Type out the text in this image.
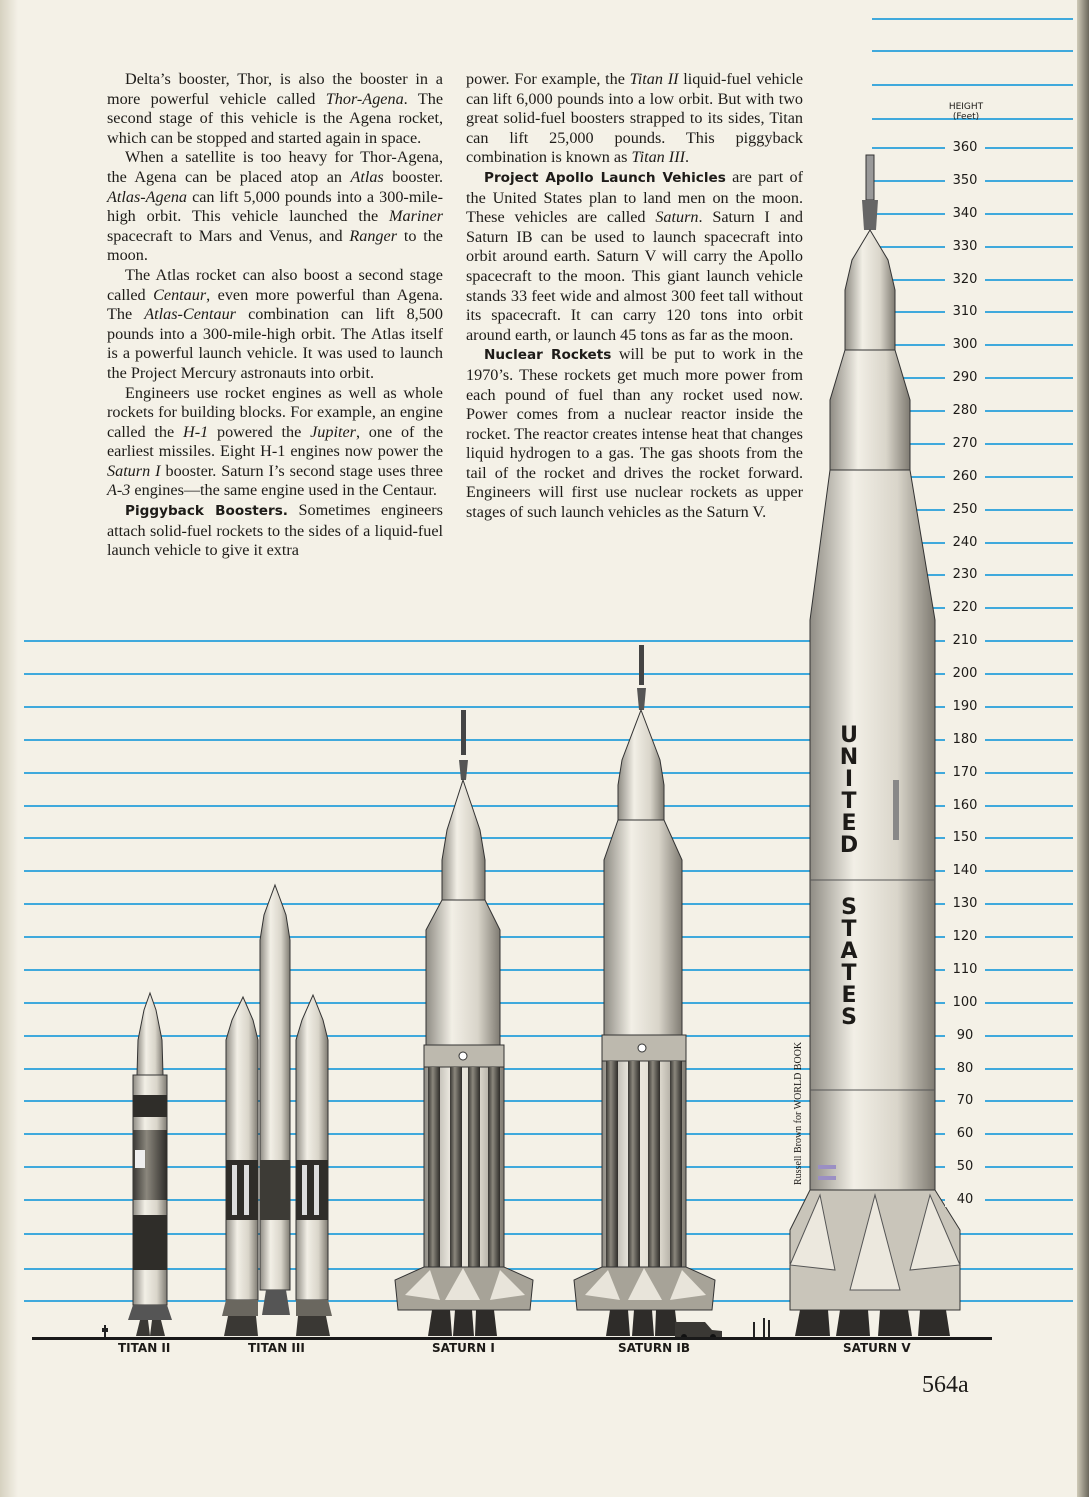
HEIGHT
(Feet)
360
350
340
330
320
310
300
290
280
270
260
250
240
230
220
210
200
190
180
170
160
150
140
130
120
110
100
90
80
70
60
50
40
U
N
I
T
E
D
S
T
A
T
E
S

Delta’s booster, Thor, is also the booster in a more powerful vehicle called Thor-Agena. The second stage of this vehicle is the Agena rocket, which can be stopped and started again in space.

When a satellite is too heavy for Thor-Agena, the Agena can be placed atop an Atlas booster. Atlas-Agena can lift 5,000 pounds into a 300-mile-high orbit. This vehicle launched the Mariner spacecraft to Mars and Venus, and Ranger to the moon.

The Atlas rocket can also boost a second stage called Centaur, even more powerful than Agena. The Atlas-Centaur combination can lift 8,500 pounds into a 300-mile-high orbit. The Atlas itself is a powerful launch vehicle. It was used to launch the Project Mercury astronauts into orbit.

Engineers use rocket engines as well as whole rockets for building blocks. For example, an engine called the H-1 powered the Jupiter, one of the earliest missiles. Eight H-1 engines now power the Saturn I booster. Saturn I’s second stage uses three A-3 engines—the same engine used in the Centaur.

Piggyback Boosters. Sometimes engineers attach solid-fuel rockets to the sides of a liquid-fuel launch vehicle to give it extra

power. For example, the Titan II liquid-fuel vehicle can lift 6,000 pounds into a low orbit. But with two great solid-fuel boosters strapped to its sides, Titan can lift 25,000 pounds. This piggyback combination is known as Titan III.

Project Apollo Launch Vehicles are part of the United States plan to land men on the moon. These vehicles are called Saturn. Saturn I and Saturn IB can be used to launch spacecraft into orbit around earth. Saturn V will carry the Apollo spacecraft to the moon. This giant launch vehicle stands 33 feet wide and almost 300 feet tall without its spacecraft. It can carry 120 tons into orbit around earth, or launch 45 tons as far as the moon.

Nuclear Rockets will be put to work in the 1970’s. These rockets get much more power from each pound of fuel than any rocket used now. Power comes from a nuclear reactor inside the rocket. The reactor creates intense heat that changes liquid hydrogen to a gas. The gas shoots from the tail of the rocket and drives the rocket forward. Engineers will first use nuclear rockets as upper stages of such launch vehicles as the Saturn V.

TITAN II	TITAN III	SATURN I	SATURN IB	SATURN V
Russell Brown for WORLD BOOK
564a
